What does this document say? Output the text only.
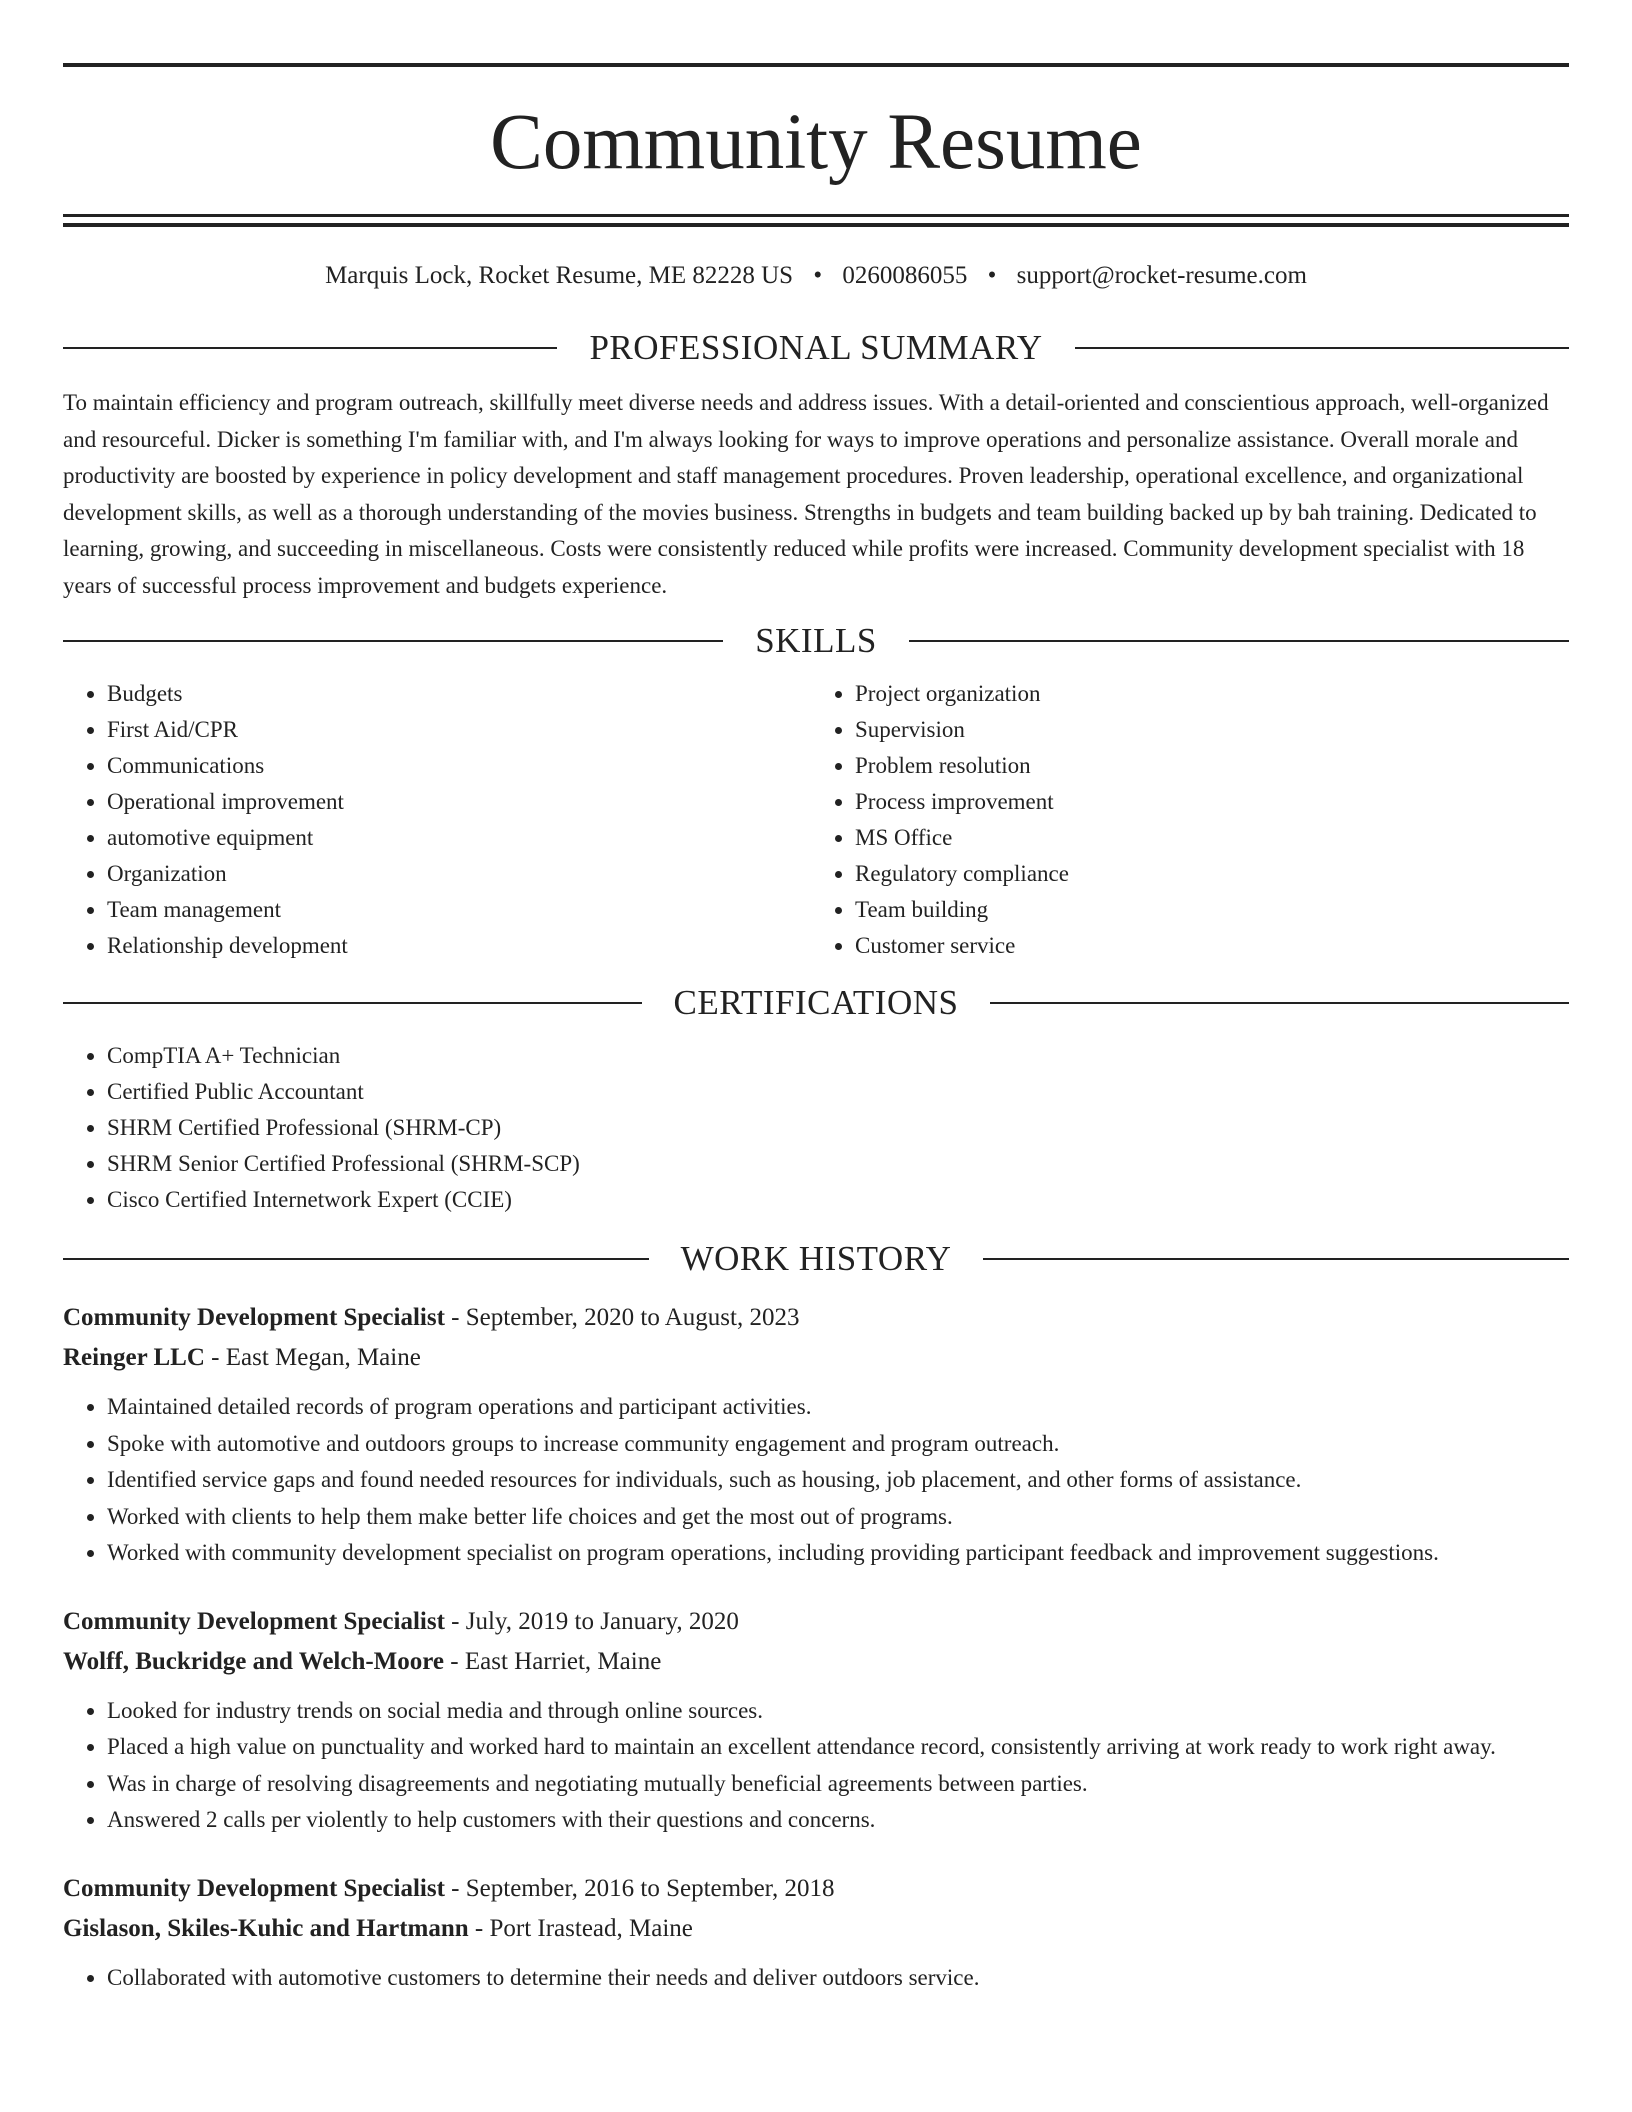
Community Resume
Marquis Lock, Rocket Resume, ME 82228 US • 0260086055 • support@rocket-resume.com
PROFESSIONAL SUMMARY

To maintain efficiency and program outreach, skillfully meet diverse needs and address issues. With a detail-oriented and conscientious approach, well-organized and resourceful. Dicker is something I'm familiar with, and I'm always looking for ways to improve operations and personalize assistance. Overall morale and productivity are boosted by experience in policy development and staff management procedures. Proven leadership, operational excellence, and organizational development skills, as well as a thorough understanding of the movies business. Strengths in budgets and team building backed up by bah training. Dedicated to learning, growing, and succeeding in miscellaneous. Costs were consistently reduced while profits were increased. Community development specialist with 18 years of successful process improvement and budgets experience.

SKILLS
• Budgets
• First Aid/CPR
• Communications
• Operational improvement
• automotive equipment
• Organization
• Team management
• Relationship development
• Project organization
• Supervision
• Problem resolution
• Process improvement
• MS Office
• Regulatory compliance
• Team building
• Customer service
CERTIFICATIONS
• CompTIA A+ Technician
• Certified Public Accountant
• SHRM Certified Professional (SHRM-CP)
• SHRM Senior Certified Professional (SHRM-SCP)
• Cisco Certified Internetwork Expert (CCIE)
WORK HISTORY
Community Development Specialist - September, 2020 to August, 2023
Reinger LLC - East Megan, Maine
• Maintained detailed records of program operations and participant activities.
• Spoke with automotive and outdoors groups to increase community engagement and program outreach.
• Identified service gaps and found needed resources for individuals, such as housing, job placement, and other forms of assistance.
• Worked with clients to help them make better life choices and get the most out of programs.
• Worked with community development specialist on program operations, including providing participant feedback and improvement suggestions.
Community Development Specialist - July, 2019 to January, 2020
Wolff, Buckridge and Welch-Moore - East Harriet, Maine
• Looked for industry trends on social media and through online sources.
• Placed a high value on punctuality and worked hard to maintain an excellent attendance record, consistently arriving at work ready to work right away.
• Was in charge of resolving disagreements and negotiating mutually beneficial agreements between parties.
• Answered 2 calls per violently to help customers with their questions and concerns.
Community Development Specialist - September, 2016 to September, 2018
Gislason, Skiles-Kuhic and Hartmann - Port Irastead, Maine
• Collaborated with automotive customers to determine their needs and deliver outdoors service.
